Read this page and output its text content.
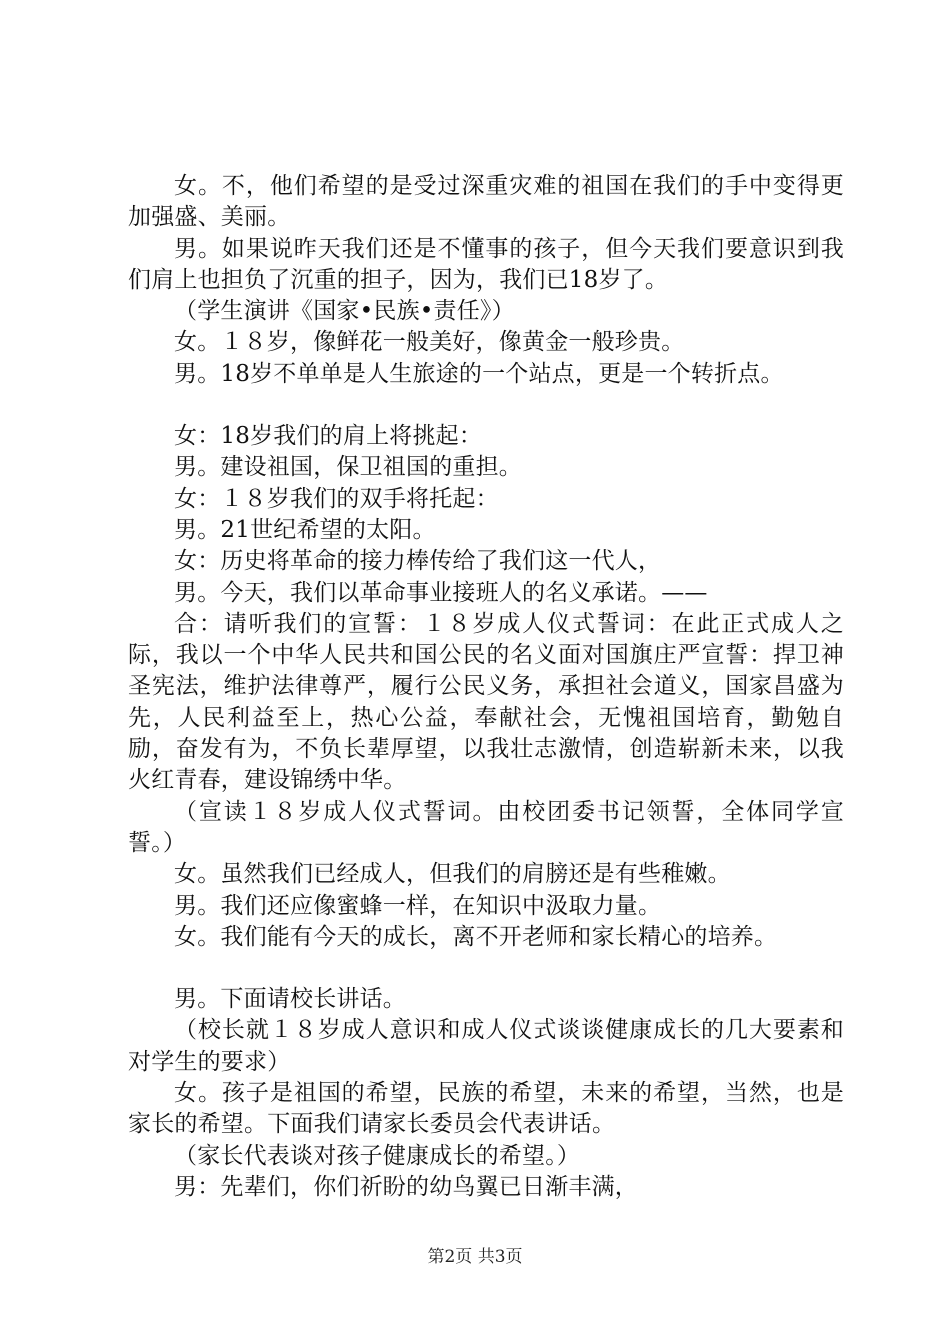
女。不，他们希望的是受过深重灾难的祖国在我们的手中变得更加强盛、美丽。

男。如果说昨天我们还是不懂事的孩子，但今天我们要意识到我们肩上也担负了沉重的担子，因为，我们已18岁了。

（学生演讲《国家•民族•责任》）

女。１８岁，像鲜花一般美好，像黄金一般珍贵。

男。18岁不单单是人生旅途的一个站点，更是一个转折点。

女：18岁我们的肩上将挑起：

男。建设祖国，保卫祖国的重担。

女：１８岁我们的双手将托起：

男。21世纪希望的太阳。

女：历史将革命的接力棒传给了我们这一代人，

男。今天，我们以革命事业接班人的名义承诺。——

合：请听我们的宣誓：１８岁成人仪式誓词：在此正式成人之际，我以一个中华人民共和国公民的名义面对国旗庄严宣誓：捍卫神圣宪法，维护法律尊严，履行公民义务，承担社会道义，国家昌盛为先，人民利益至上，热心公益，奉献社会，无愧祖国培育，勤勉自励，奋发有为，不负长辈厚望，以我壮志激情，创造崭新未来，以我火红青春，建设锦绣中华。

（宣读１８岁成人仪式誓词。由校团委书记领誓，全体同学宣誓。）

女。虽然我们已经成人，但我们的肩膀还是有些稚嫩。

男。我们还应像蜜蜂一样，在知识中汲取力量。

女。我们能有今天的成长，离不开老师和家长精心的培养。

男。下面请校长讲话。

（校长就１８岁成人意识和成人仪式谈谈健康成长的几大要素和对学生的要求）

女。孩子是祖国的希望，民族的希望，未来的希望，当然，也是家长的希望。下面我们请家长委员会代表讲话。

（家长代表谈对孩子健康成长的希望。）

男：先辈们，你们祈盼的幼鸟翼已日渐丰满，

第2页 共3页
